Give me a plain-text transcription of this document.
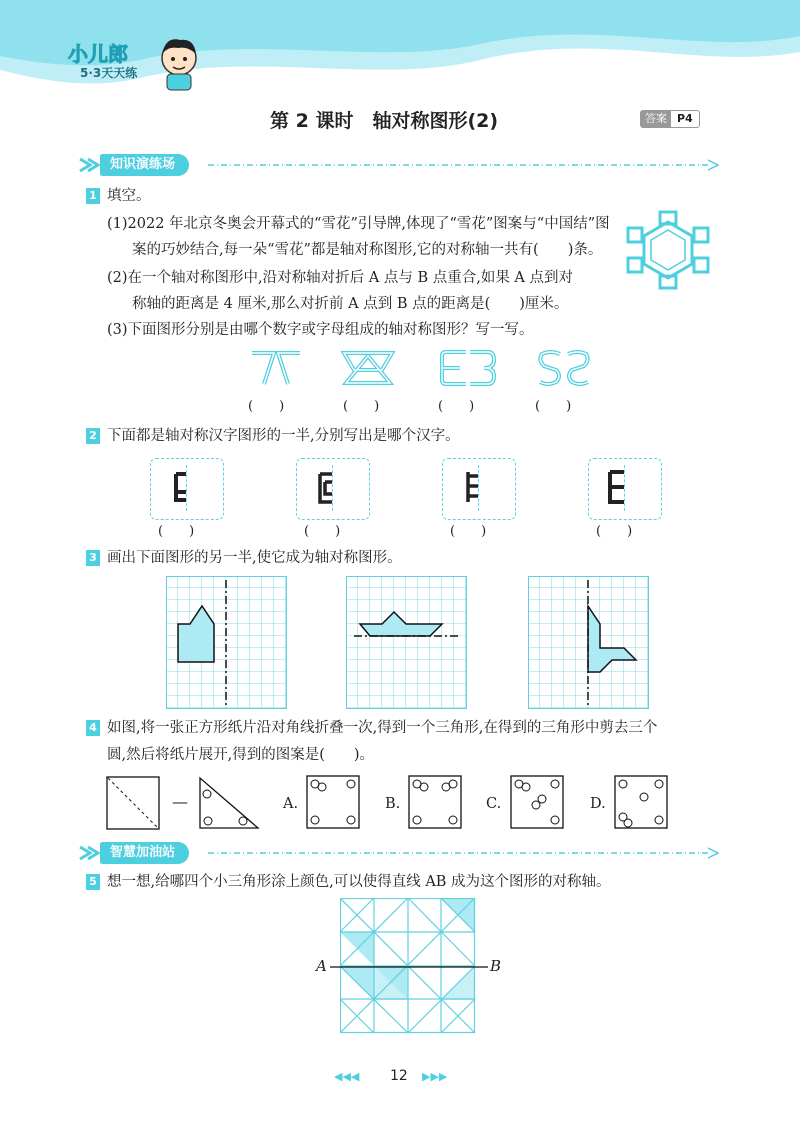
小儿郎
5·3天天练
第 2 课时　轴对称图形(2)	答案 P4
知识演练场
1 填空。
(1)2022 年北京冬奥会开幕式的“雪花”引导牌,体现了“雪花”图案与“中国结”图
案的巧妙结合,每一朵“雪花”都是轴对称图形,它的对称轴一共有(　　)条。
(2)在一个轴对称图形中,沿对称轴对折后 A 点与 B 点重合,如果 A 点到对
称轴的距离是 4 厘米,那么对折前 A 点到 B 点的距离是(　　)厘米。
(3)下面图形分别是由哪个数字或字母组成的轴对称图形？写一写。
(　　)	(　　)	(　　)	(　　)
2 下面都是轴对称汉字图形的一半,分别写出是哪个汉字。
(　　)	(　　)	(　　)	(　　)
3 画出下面图形的另一半,使它成为轴对称图形。
4 如图,将一张正方形纸片沿对角线折叠一次,得到一个三角形,在得到的三角形中剪去三个
圆,然后将纸片展开,得到的图案是(　　)。
—	A.	B.	C.	D.
智慧加油站
5 想一想,给哪四个小三角形涂上颜色,可以使得直线 AB 成为这个图形的对称轴。
A	B
◀◀◀ 12 ▶▶▶
